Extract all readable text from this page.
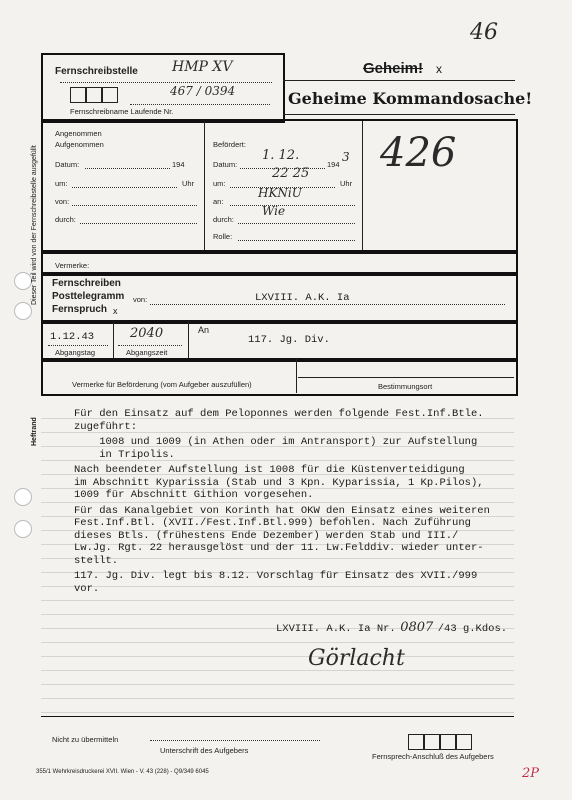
46
Dieser Teil wird von der Fernschreibstelle ausgefüllt
Heftrand
Fernschreibstelle HMP XV
467 / 0394
Fernschreibname Laufende Nr.
Geheim! x
Geheime Kommandosache!
Angenommen
Aufgenommen
Datum:	194
um:	Uhr
von:
durch:
Befördert:
Datum:
1. 12.
194
3
um:
22 25
Uhr
an:
HKNiU
durch:
Wie
Rolle:
426
Vermerke:
Fernschreiben
Posttelegramm
Fernspruch x
von:	LXVIII. A.K. Ia
1.12.43
Abgangstag
2040
Abgangszeit
An
117. Jg. Div.
Vermerke für Beförderung (vom Aufgeber auszufüllen)	Bestimmungsort
Für den Einsatz auf dem Peloponnes werden folgende Fest.Inf.Btle.
zugeführt:
1008 und 1009 (in Athen oder im Antransport) zur Aufstellung
in Tripolis.
Nach beendeter Aufstellung ist 1008 für die Küstenverteidigung
im Abschnitt Kyparissia (Stab und 3 Kpn. Kyparissia, 1 Kp.Pilos),
1009 für Abschnitt Githion vorgesehen.
Für das Kanalgebiet von Korinth hat OKW den Einsatz eines weiteren
Fest.Inf.Btl. (XVII./Fest.Inf.Btl.999) befohlen. Nach Zuführung
dieses Btls. (frühestens Ende Dezember) werden Stab und III./
Lw.Jg. Rgt. 22 herausgelöst und der 11. Lw.Felddiv. wieder unter-
stellt.
117. Jg. Div. legt bis 8.12. Vorschlag für Einsatz des XVII./999
vor.
LXVIII. A.K. Ia Nr. 0807 /43 g.Kdos.
Görlacht
Nicht zu übermitteln
Unterschrift des Aufgebers
Fernsprech-Anschluß des Aufgebers
355/1 Wehrkreisdruckerei XVII. Wien - V. 43 (228) - Q9/349 6045	2P
